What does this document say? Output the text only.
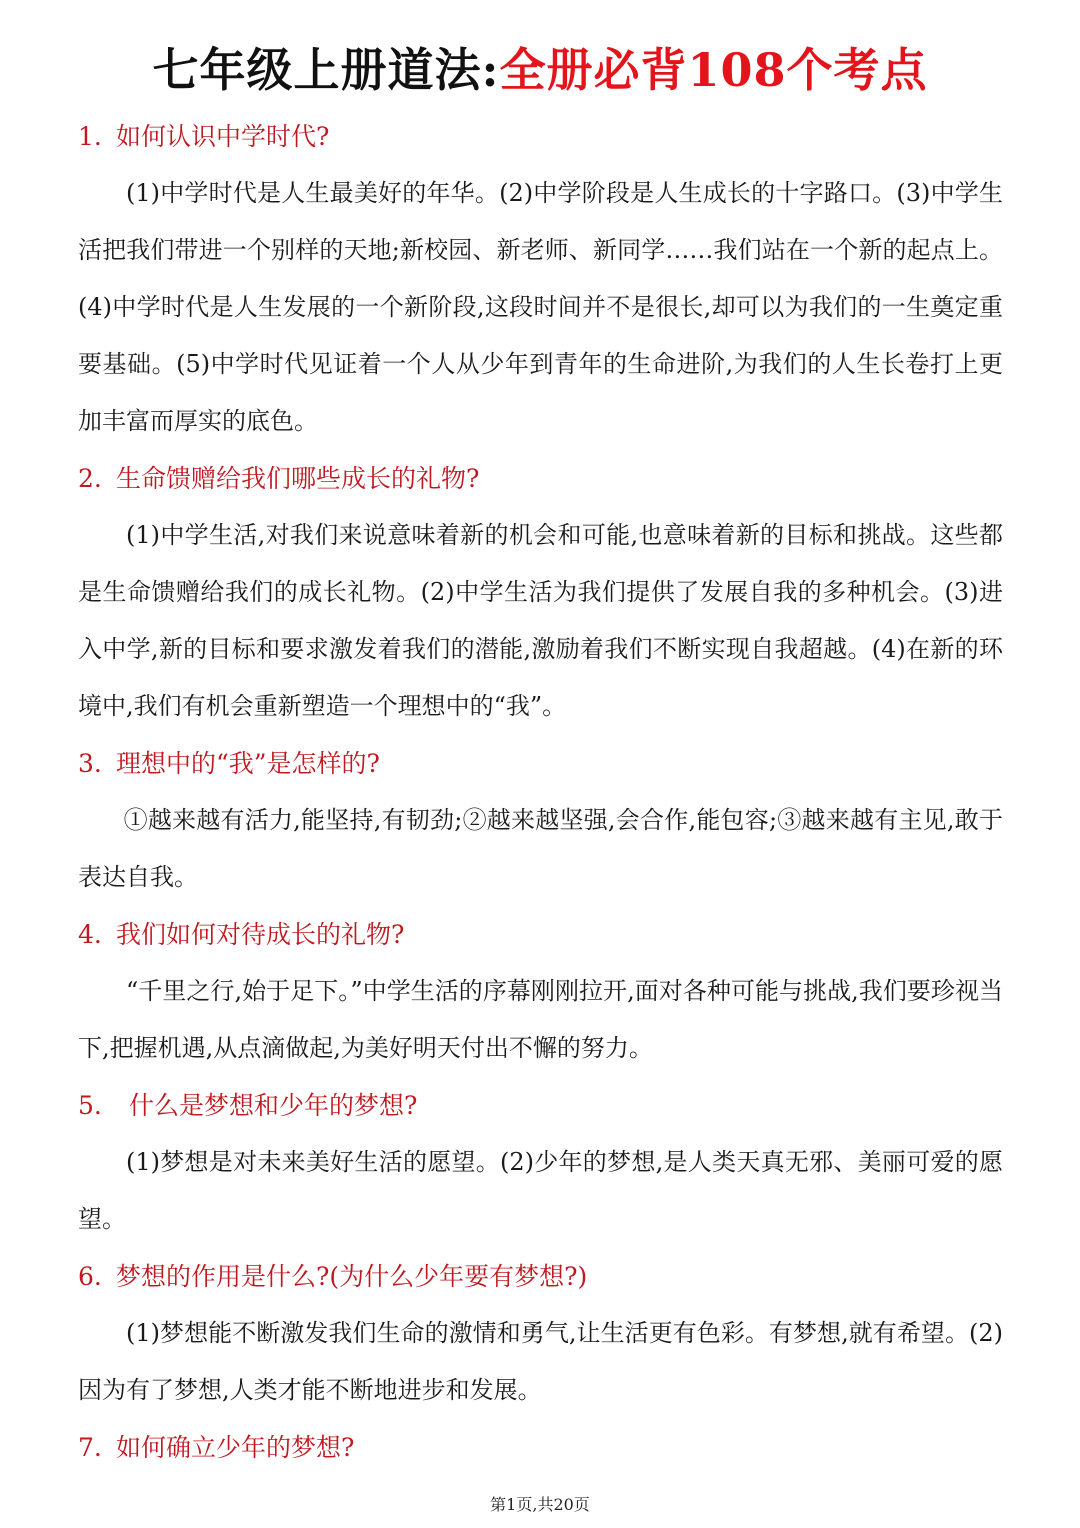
七年级上册道法:全册必背108个考点
1. 如何认识中学时代?
(1)中学时代是人生最美好的年华。(2)中学阶段是人生成长的十字路口。(3)中学生活把我们带进一个别样的天地;新校园、新老师、新同学……我们站在一个新的起点上。(4)中学时代是人生发展的一个新阶段,这段时间并不是很长,却可以为我们的一生奠定重要基础。(5)中学时代见证着一个人从少年到青年的生命进阶,为我们的人生长卷打上更加丰富而厚实的底色。
2. 生命馈赠给我们哪些成长的礼物?
(1)中学生活,对我们来说意味着新的机会和可能,也意味着新的目标和挑战。这些都是生命馈赠给我们的成长礼物。(2)中学生活为我们提供了发展自我的多种机会。(3)进入中学,新的目标和要求激发着我们的潜能,激励着我们不断实现自我超越。(4)在新的环境中,我们有机会重新塑造一个理想中的“我”。
3. 理想中的“我”是怎样的?
①越来越有活力,能坚持,有韧劲;②越来越坚强,会合作,能包容;③越来越有主见,敢于表达自我。
4. 我们如何对待成长的礼物?
“千里之行,始于足下。”中学生活的序幕刚刚拉开,面对各种可能与挑战,我们要珍视当下,把握机遇,从点滴做起,为美好明天付出不懈的努力。
5. 什么是梦想和少年的梦想?
(1)梦想是对未来美好生活的愿望。(2)少年的梦想,是人类天真无邪、美丽可爱的愿望。
6. 梦想的作用是什么?(为什么少年要有梦想?)
(1)梦想能不断激发我们生命的激情和勇气,让生活更有色彩。有梦想,就有希望。(2)因为有了梦想,人类才能不断地进步和发展。
7. 如何确立少年的梦想?
第1页,共20页
